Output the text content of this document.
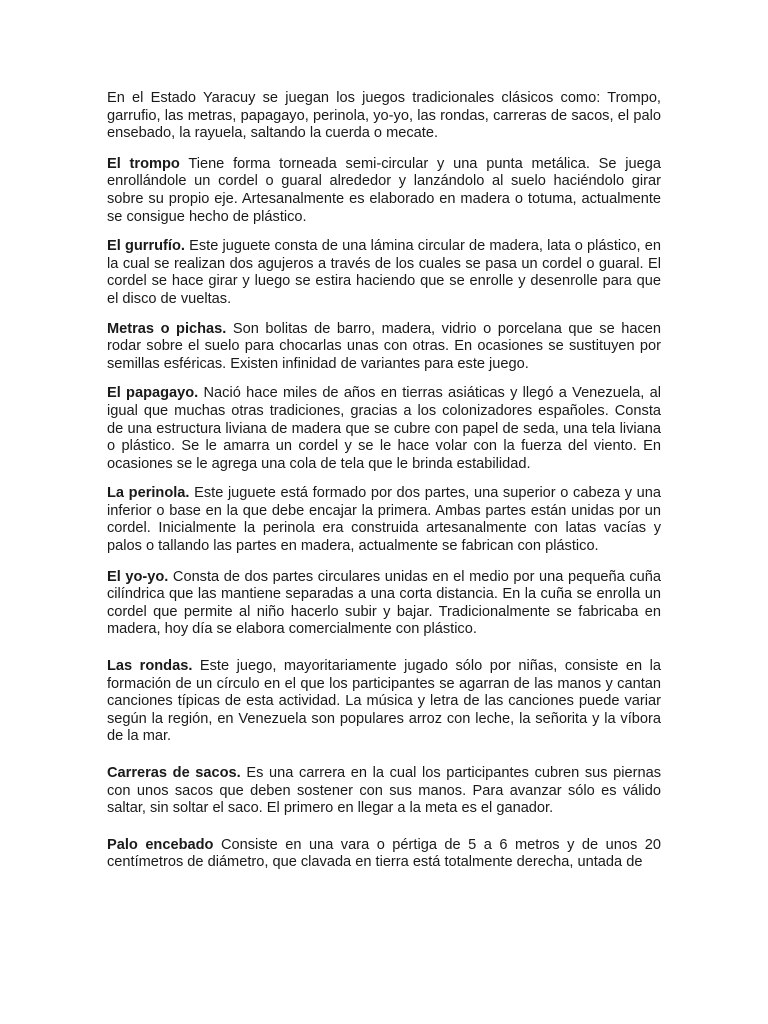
En el Estado Yaracuy se juegan los juegos tradicionales clásicos como: Trompo, garrufio, las metras, papagayo, perinola, yo-yo, las rondas, carreras de sacos, el palo ensebado, la rayuela, saltando la cuerda o mecate.

El trompo Tiene forma torneada semi-circular y una punta metálica. Se juega enrollándole un cordel o guaral alrededor y lanzándolo al suelo haciéndolo girar sobre su propio eje. Artesanalmente es elaborado en madera o totuma, actualmente se consigue hecho de plástico.

El gurrufío. Este juguete consta de una lámina circular de madera, lata o plástico, en la cual se realizan dos agujeros a través de los cuales se pasa un cordel o guaral. El cordel se hace girar y luego se estira haciendo que se enrolle y desenrolle para que el disco de vueltas.

Metras o pichas. Son bolitas de barro, madera, vidrio o porcelana que se hacen rodar sobre el suelo para chocarlas unas con otras. En ocasiones se sustituyen por semillas esféricas. Existen infinidad de variantes para este juego.

El papagayo. Nació hace miles de años en tierras asiáticas y llegó a Venezuela, al igual que muchas otras tradiciones, gracias a los colonizadores españoles. Consta de una estructura liviana de madera que se cubre con papel de seda, una tela liviana o plástico. Se le amarra un cordel y se le hace volar con la fuerza del viento. En ocasiones se le agrega una cola de tela que le brinda estabilidad.

La perinola. Este juguete está formado por dos partes, una superior o cabeza y una inferior o base en la que debe encajar la primera. Ambas partes están unidas por un cordel. Inicialmente la perinola era construida artesanalmente con latas vacías y palos o tallando las partes en madera, actualmente se fabrican con plástico.

El yo-yo. Consta de dos partes circulares unidas en el medio por una pequeña cuña cilíndrica que las mantiene separadas a una corta distancia. En la cuña se enrolla un cordel que permite al niño hacerlo subir y bajar. Tradicionalmente se fabricaba en madera, hoy día se elabora comercialmente con plástico.

Las rondas. Este juego, mayoritariamente jugado sólo por niñas, consiste en la formación de un círculo en el que los participantes se agarran de las manos y cantan canciones típicas de esta actividad. La música y letra de las canciones puede variar según la región, en Venezuela son populares arroz con leche, la señorita y la víbora de la mar.

Carreras de sacos. Es una carrera en la cual los participantes cubren sus piernas con unos sacos que deben sostener con sus manos. Para avanzar sólo es válido saltar, sin soltar el saco. El primero en llegar a la meta es el ganador.

Palo encebado Consiste en una vara o pértiga de 5 a 6 metros y de unos 20 centímetros de diámetro, que clavada en tierra está totalmente derecha, untada de
